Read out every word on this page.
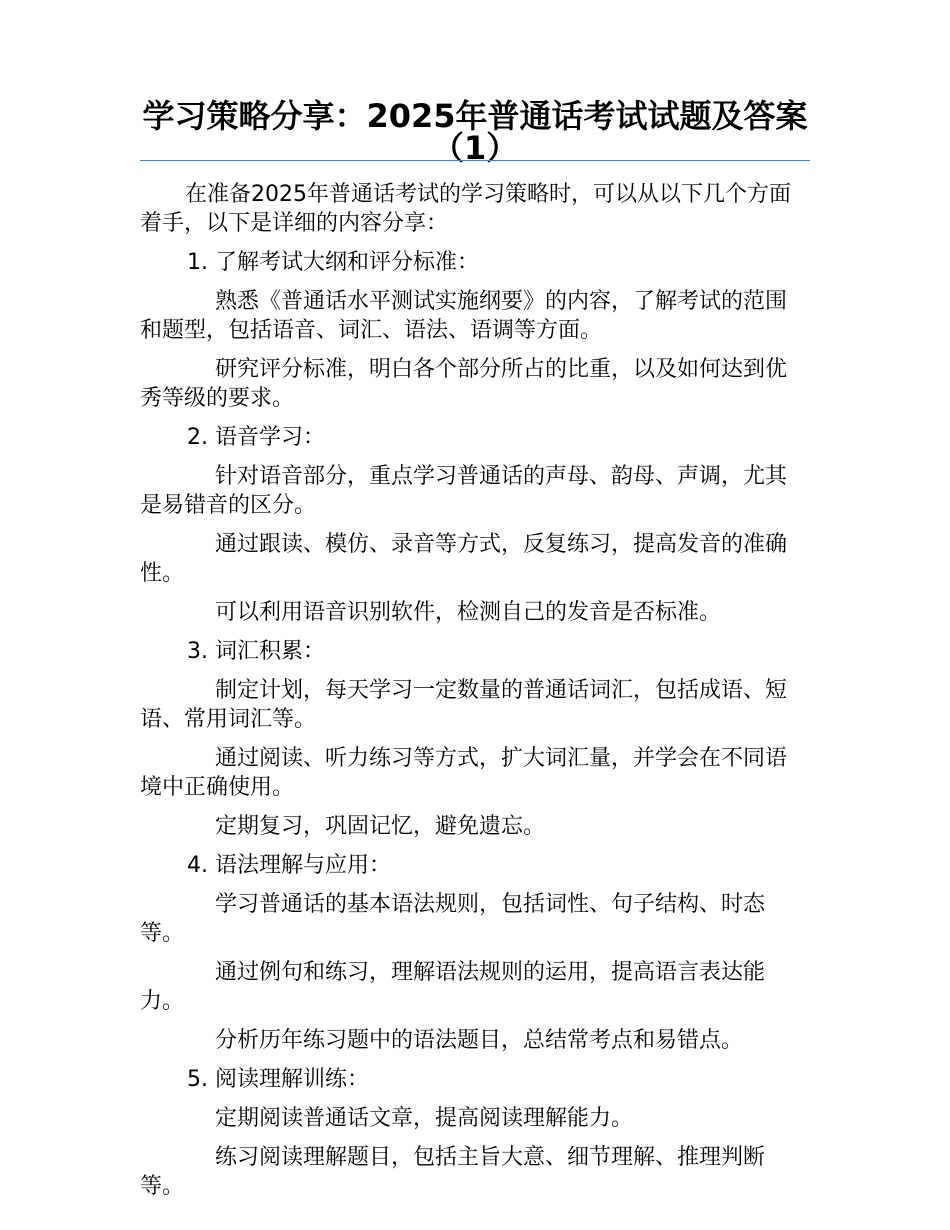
学习策略分享：2025年普通话考试试题及答案（1）

在准备2025年普通话考试的学习策略时，可以从以下几个方面着手，以下是详细的内容分享：

1. 了解考试大纲和评分标准：

熟悉《普通话水平测试实施纲要》的内容，了解考试的范围和题型，包括语音、词汇、语法、语调等方面。

研究评分标准，明白各个部分所占的比重，以及如何达到优秀等级的要求。

2. 语音学习：

针对语音部分，重点学习普通话的声母、韵母、声调，尤其是易错音的区分。

通过跟读、模仿、录音等方式，反复练习，提高发音的准确性。

可以利用语音识别软件，检测自己的发音是否标准。

3. 词汇积累：

制定计划，每天学习一定数量的普通话词汇，包括成语、短语、常用词汇等。

通过阅读、听力练习等方式，扩大词汇量，并学会在不同语境中正确使用。

定期复习，巩固记忆，避免遗忘。

4. 语法理解与应用：

学习普通话的基本语法规则，包括词性、句子结构、时态等。

通过例句和练习，理解语法规则的运用，提高语言表达能力。

分析历年练习题中的语法题目，总结常考点和易错点。

5. 阅读理解训练：

定期阅读普通话文章，提高阅读理解能力。

练习阅读理解题目，包括主旨大意、细节理解、推理判断等。
